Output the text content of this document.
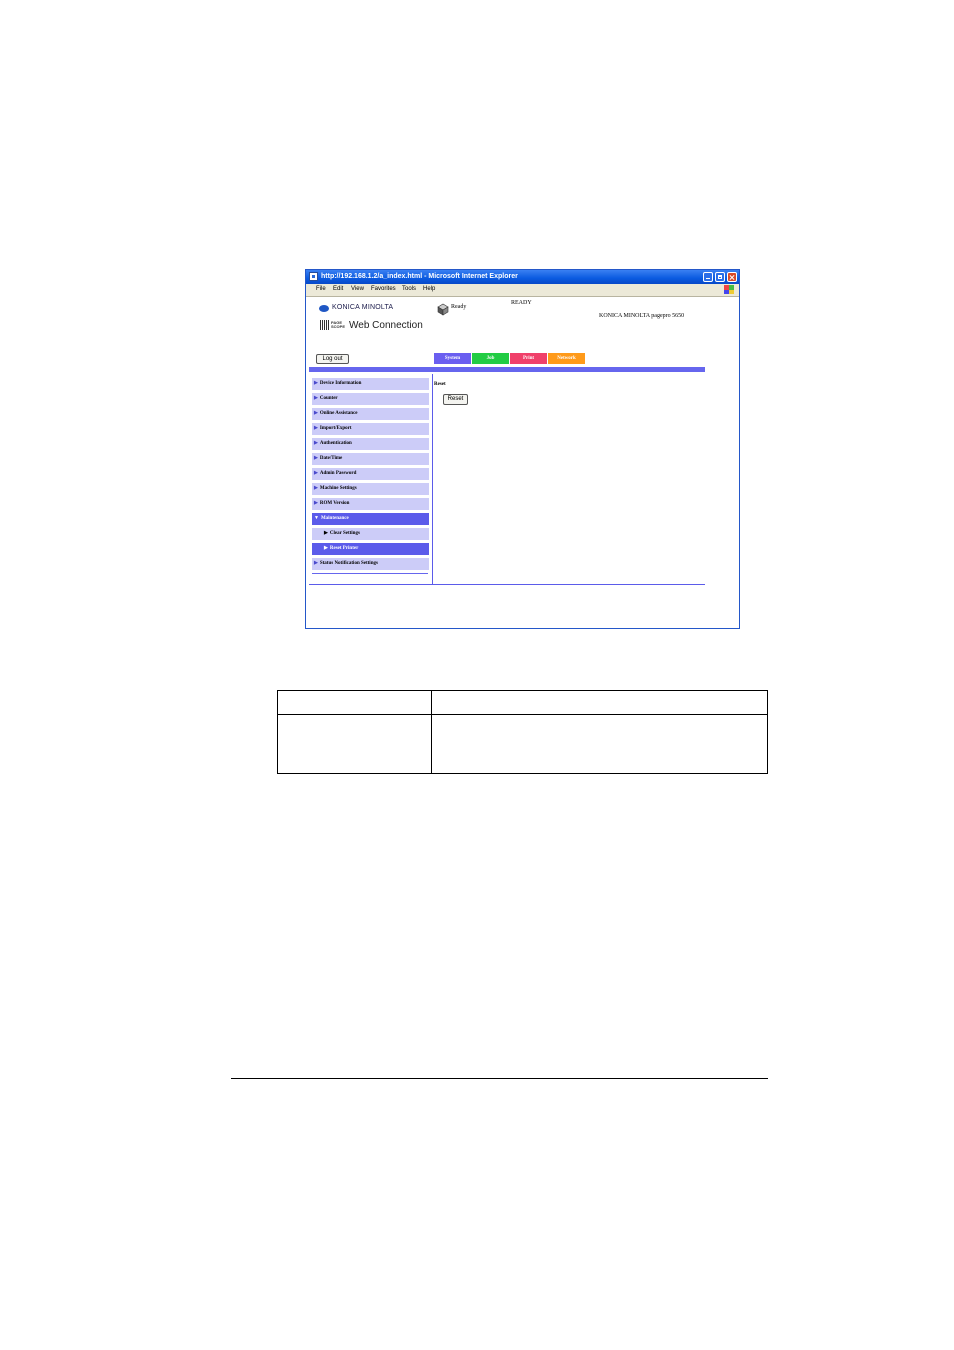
http://192.168.1.2/a_index.html - Microsoft Internet Explorer
File Edit View Favorites Tools Help
KONICA MINOLTA
PAGE SCOPE Web Connection
Ready
READY
KONICA MINOLTA pagepro 5650
Log out	System	Job	Print	Network
▶ Device Information
▶ Counter
▶ Online Assistance
▶ Import/Export
▶ Authentication
▶ Date/Time
▶ Admin Password
▶ Machine Settings
▶ ROM Version
▼ Maintenance
▶ Clear Settings
▶ Reset Printer
▶ Status Notification Settings
Reset
Reset
